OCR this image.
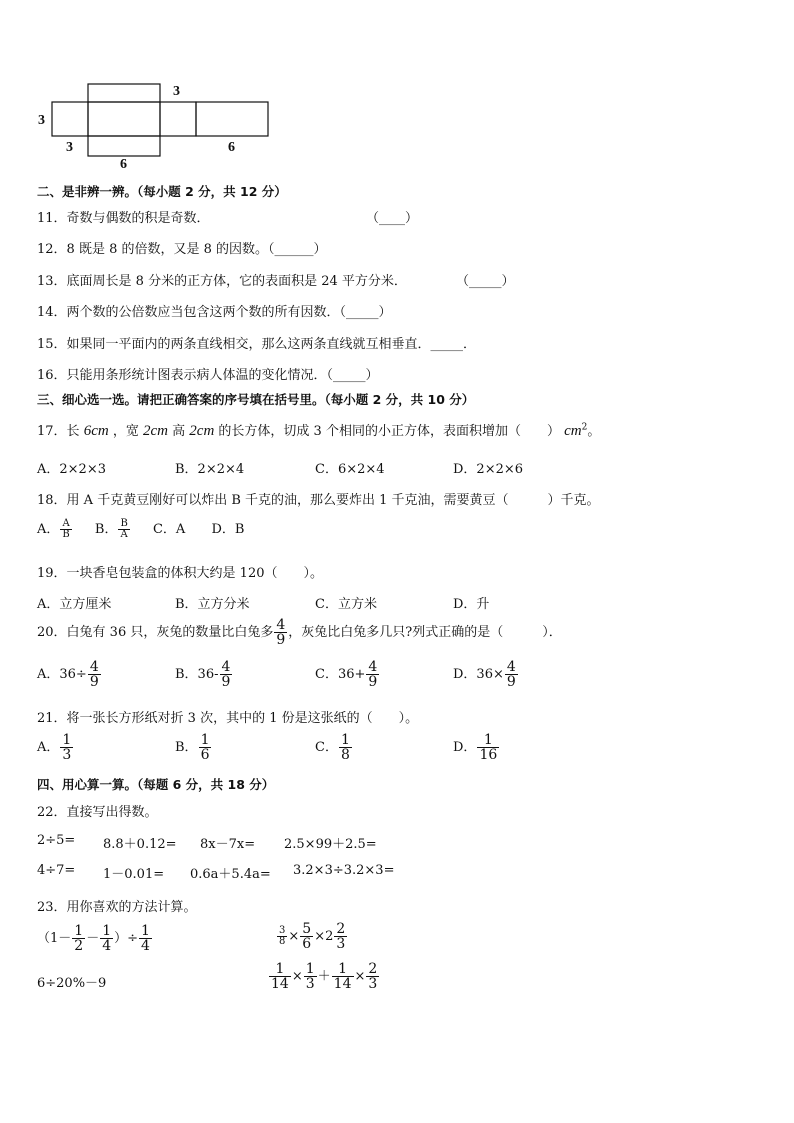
3
3
3
6
6
二、是非辨一辨。（每小题 2 分，共 12 分）
11．奇数与偶数的积是奇数．	（____）
12．8 既是 8 的倍数，又是 8 的因数。（______）
13．底面周长是 8 分米的正方体，它的表面积是 24 平方分米．	（_____）
14．两个数的公倍数应当包含这两个数的所有因数．（_____）
15．如果同一平面内的两条直线相交，那么这两条直线就互相垂直．_____．
16．只能用条形统计图表示病人体温的变化情况．（_____）
三、细心选一选。请把正确答案的序号填在括号里。（每小题 2 分，共 10 分）
17．长 6cm ，宽 2cm 高 2cm 的长方体，切成 3 个相同的小正方体，表面积增加（　　） $cm^2$。
A．2×2×3	B．2×2×4	C．6×2×4	D．2×2×6
18．用 A 千克黄豆刚好可以炸出 B 千克的油，那么要炸出 1 千克油，需要黄豆（　　　）千克。
A． $\frac{A}{B}$ B． $\frac{B}{A}$ C．A D．B
19．一块香皂包装盒的体积大约是 120（　　）。
A．立方厘米	B．立方分米	C．立方米	D．升
20．白兔有 36 只，灰兔的数量比白兔多 $\frac{4}{9}$ ，灰兔比白兔多几只?列式正确的是（　　　）．
A．$36\div \frac{4}{9}$	B．$36- \frac{4}{9}$	C．$36+ \frac{4}{9}$	D．$36\times \frac{4}{9}$
21．将一张长方形纸对折 3 次，其中的 1 份是这张纸的（　　）。
A． $\frac{1}{3}$	B． $\frac{1}{6}$	C． $\frac{1}{8}$	D． $\frac{1}{16}$
四、用心算一算。（每题 6 分，共 18 分）
22．直接写出得数。
2÷5= 8.8＋0.12= 8x－7x= 2.5×99＋2.5=
4÷7= 1－0.01= 0.6a＋5.4a= 3.2×3÷3.2×3=
23．用你喜欢的方法计算。
（$1- \frac{1}{2} - \frac{1}{4}$ ）÷ $\frac{1}{4}$	$\frac{3}{8} \times \frac{5}{6} \times 2 \frac{2}{3}$
6÷20%－9	$\frac{1}{14} \times \frac{1}{3} + \frac{1}{14} \times \frac{2}{3}$
